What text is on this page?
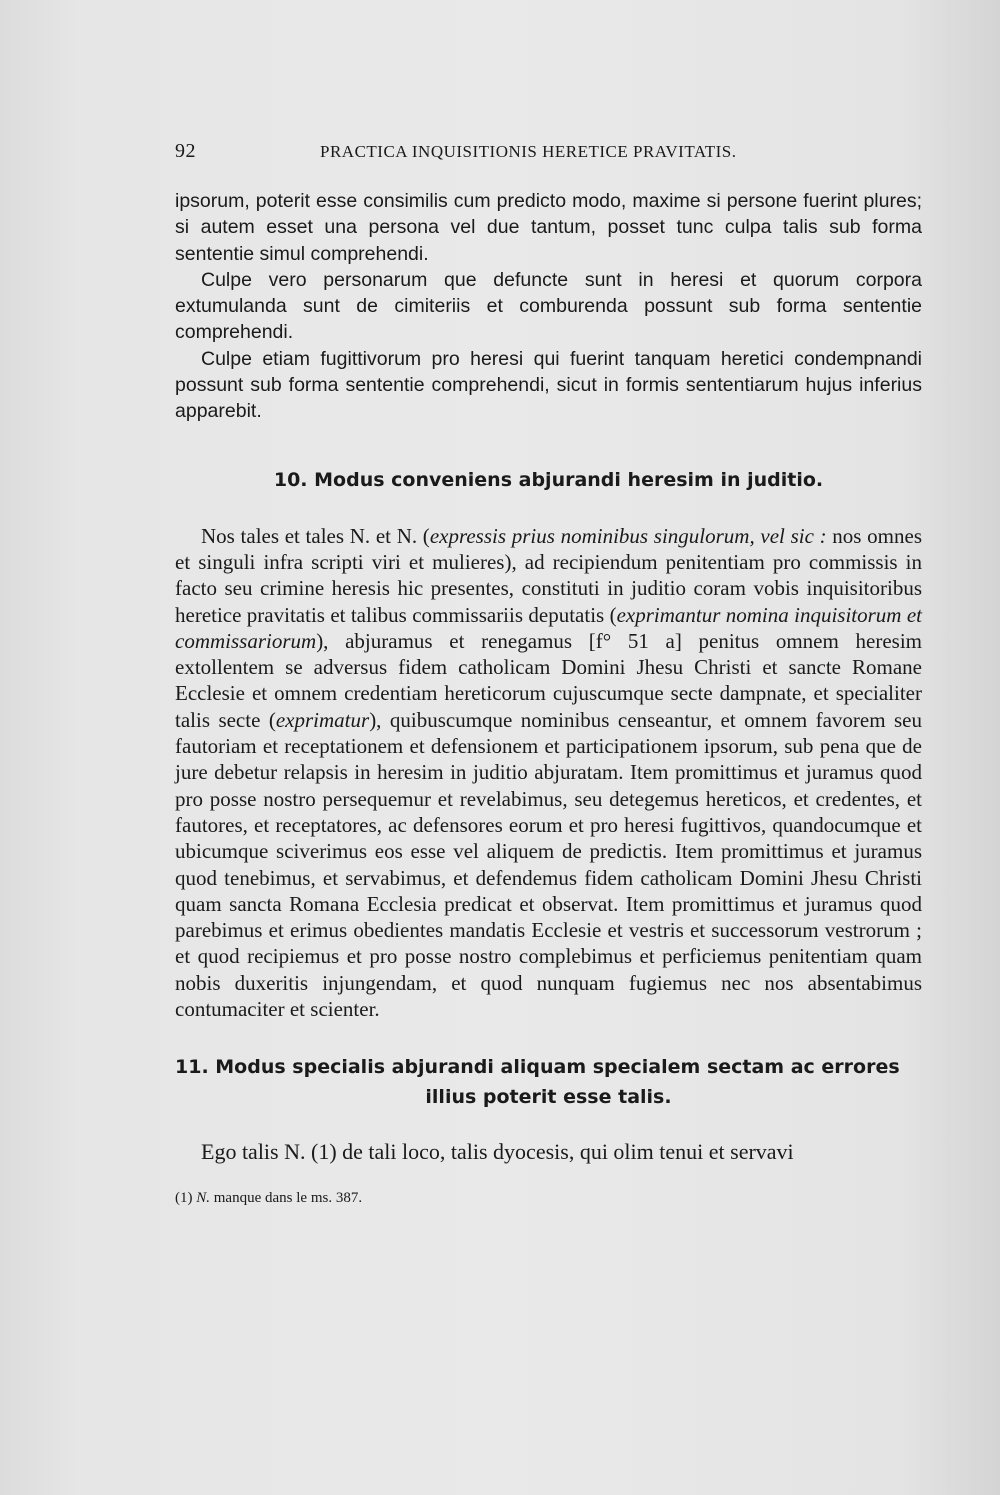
92	PRACTICA INQUISITIONIS HERETICE PRAVITATIS.

ipsorum, poterit esse consimilis cum predicto modo, maxime si persone fuerint plures; si autem esset una persona vel due tantum, posset tunc culpa talis sub forma sententie simul comprehendi.

Culpe vero personarum que defuncte sunt in heresi et quorum corpora extumulanda sunt de cimiteriis et comburenda possunt sub forma sententie comprehendi.

Culpe etiam fugittivorum pro heresi qui fuerint tanquam heretici condempnandi possunt sub forma sententie comprehendi, sicut in formis sententiarum hujus inferius apparebit.

10. Modus conveniens abjurandi heresim in juditio.

Nos tales et tales N. et N. (expressis prius nominibus singulorum, vel sic : nos omnes et singuli infra scripti viri et mulieres), ad recipiendum penitentiam pro commissis in facto seu crimine heresis hic presentes, constituti in juditio coram vobis inquisitoribus heretice pravitatis et talibus commissariis deputatis (exprimantur nomina inquisitorum et commissariorum), abjuramus et renegamus [f° 51 a] penitus omnem heresim extollentem se adversus fidem catholicam Domini Jhesu Christi et sancte Romane Ecclesie et omnem credentiam hereticorum cujuscumque secte dampnate, et specialiter talis secte (exprimatur), quibuscumque nominibus censeantur, et omnem favorem seu fautoriam et receptationem et defensionem et participationem ipsorum, sub pena que de jure debetur relapsis in heresim in juditio abjuratam. Item promittimus et juramus quod pro posse nostro persequemur et revelabimus, seu detegemus hereticos, et credentes, et fautores, et receptatores, ac defensores eorum et pro heresi fugittivos, quandocumque et ubicumque sciverimus eos esse vel aliquem de predictis. Item promittimus et juramus quod tenebimus, et servabimus, et defendemus fidem catholicam Domini Jhesu Christi quam sancta Romana Ecclesia predicat et observat. Item promittimus et juramus quod parebimus et erimus obedientes mandatis Ecclesie et vestris et successorum vestrorum ; et quod recipiemus et pro posse nostro complebimus et perficiemus penitentiam quam nobis duxeritis injungendam, et quod nunquam fugiemus nec nos absentabimus contumaciter et scienter.

11. Modus specialis abjurandi aliquam specialem sectam ac errores
illius poterit esse talis.

Ego talis N. (1) de tali loco, talis dyocesis, qui olim tenui et servavi

(1) N. manque dans le ms. 387.
